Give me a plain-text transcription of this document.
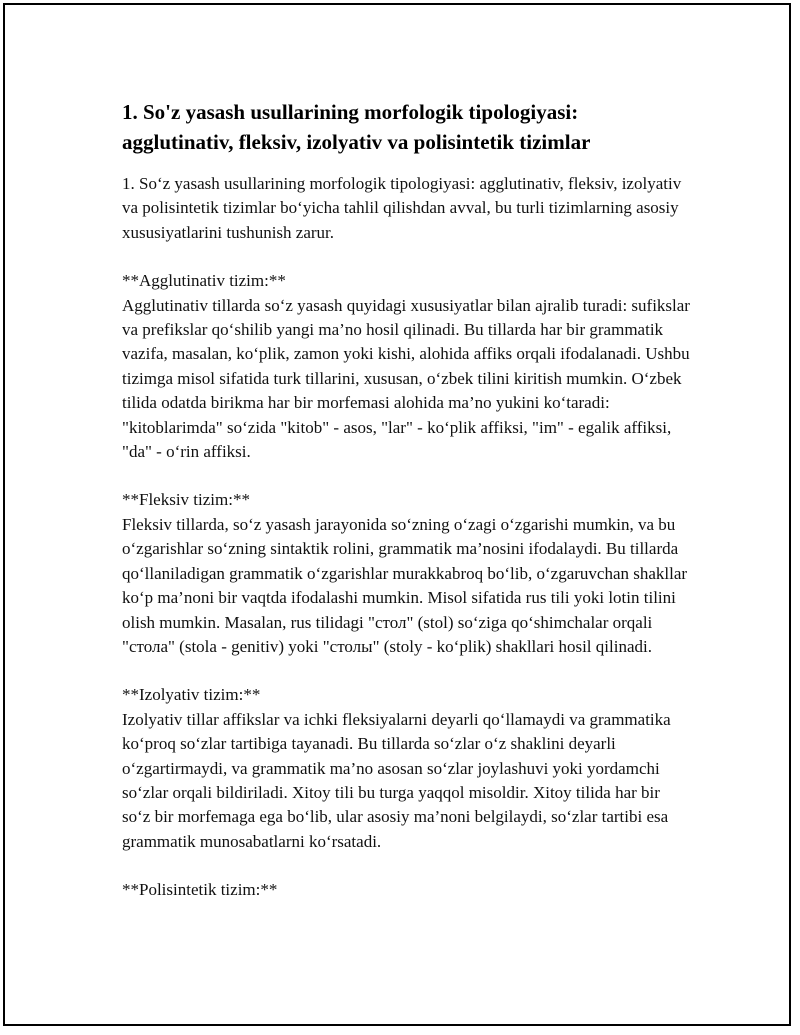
1. So'z yasash usullarining morfologik tipologiyasi:
agglutinativ, fleksiv, izolyativ va polisintetik tizimlar

1. So‘z yasash usullarining morfologik tipologiyasi: agglutinativ, fleksiv, izolyativ va polisintetik tizimlar bo‘yicha tahlil qilishdan avval, bu turli tizimlarning asosiy xususiyatlarini tushunish zarur.

**Agglutinativ tizim:**

Agglutinativ tillarda so‘z yasash quyidagi xususiyatlar bilan ajralib turadi: sufikslar va prefikslar qo‘shilib yangi ma’no hosil qilinadi. Bu tillarda har bir grammatik vazifa, masalan, ko‘plik, zamon yoki kishi, alohida affiks orqali ifodalanadi. Ushbu tizimga misol sifatida turk tillarini, xususan, o‘zbek tilini kiritish mumkin. O‘zbek tilida odatda birikma har bir morfemasi alohida ma’no yukini ko‘taradi: "kitoblarimda" so‘zida "kitob" - asos, "lar" - ko‘plik affiksi, "im" - egalik affiksi, "da" - o‘rin affiksi.

**Fleksiv tizim:**

Fleksiv tillarda, so‘z yasash jarayonida so‘zning o‘zagi o‘zgarishi mumkin, va bu o‘zgarishlar so‘zning sintaktik rolini, grammatik ma’nosini ifodalaydi. Bu tillarda qo‘llaniladigan grammatik o‘zgarishlar murakkabroq bo‘lib, o‘zgaruvchan shakllar ko‘p ma’noni bir vaqtda ifodalashi mumkin. Misol sifatida rus tili yoki lotin tilini olish mumkin. Masalan, rus tilidagi "стол" (stol) so‘ziga qo‘shimchalar orqali "стола" (stola - genitiv) yoki "столы" (stoly - ko‘plik) shakllari hosil qilinadi.

**Izolyativ tizim:**

Izolyativ tillar affikslar va ichki fleksiyalarni deyarli qo‘llamaydi va grammatika ko‘proq so‘zlar tartibiga tayanadi. Bu tillarda so‘zlar o‘z shaklini deyarli o‘zgartirmaydi, va grammatik ma’no asosan so‘zlar joylashuvi yoki yordamchi so‘zlar orqali bildiriladi. Xitoy tili bu turga yaqqol misoldir. Xitoy tilida har bir so‘z bir morfemaga ega bo‘lib, ular asosiy ma’noni belgilaydi, so‘zlar tartibi esa grammatik munosabatlarni ko‘rsatadi.

**Polisintetik tizim:**
